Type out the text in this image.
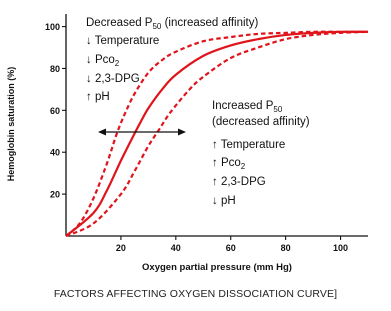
20	40	60	80	100
20
40
60
80
100 Decreased $P_{50}$ (increased affinity)
↓ Temperature
↓ Pco$_2$
↓ 2,3-DPG
↑ pH
Increased $P_{50}$
(decreased affinity)
↑ Temperature
↑ Pco$_2$
↑ 2,3-DPG
↓ pH
Oxygen partial pressure (mm Hg)
Hemoglobin saturation (%)
FACTORS AFFECTING OXYGEN DISSOCIATION CURVE]
